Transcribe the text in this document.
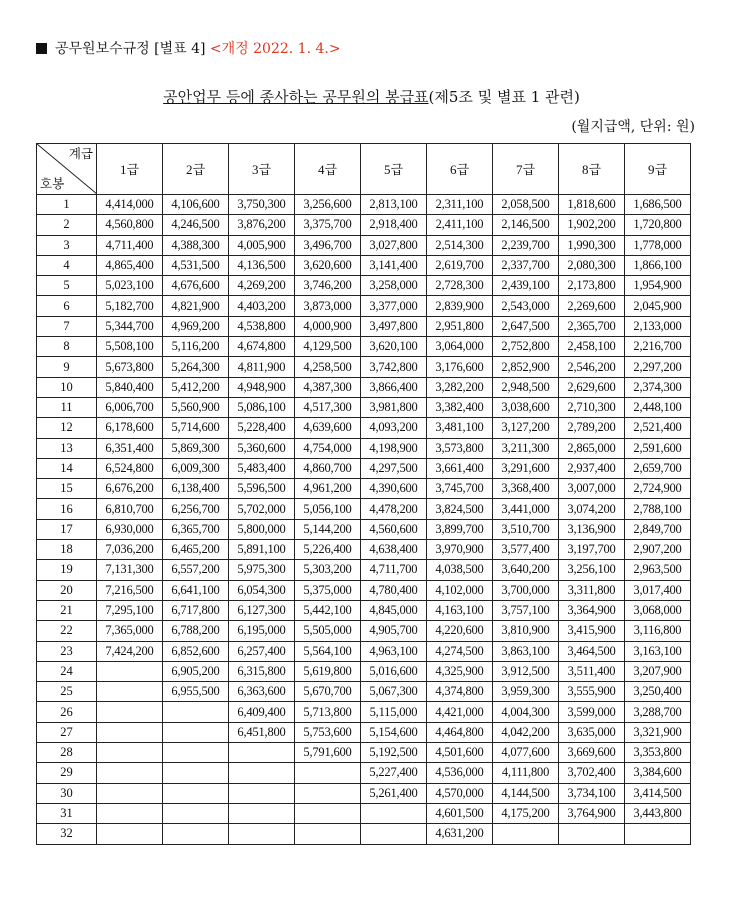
공무원보수규정 [별표 4] <개정 2022. 1. 4.>
공안업무 등에 종사하는 공무원의 봉급표(제5조 및 별표 1 관련)
(월지급액, 단위: 원)
계급
호봉	1급	2급	3급	4급	5급	6급	7급	8급	9급
1	4,414,000	4,106,600	3,750,300	3,256,600	2,813,100	2,311,100	2,058,500	1,818,600	1,686,500
2	4,560,800	4,246,500	3,876,200	3,375,700	2,918,400	2,411,100	2,146,500	1,902,200	1,720,800
3	4,711,400	4,388,300	4,005,900	3,496,700	3,027,800	2,514,300	2,239,700	1,990,300	1,778,000
4	4,865,400	4,531,500	4,136,500	3,620,600	3,141,400	2,619,700	2,337,700	2,080,300	1,866,100
5	5,023,100	4,676,600	4,269,200	3,746,200	3,258,000	2,728,300	2,439,100	2,173,800	1,954,900
6	5,182,700	4,821,900	4,403,200	3,873,000	3,377,000	2,839,900	2,543,000	2,269,600	2,045,900
7	5,344,700	4,969,200	4,538,800	4,000,900	3,497,800	2,951,800	2,647,500	2,365,700	2,133,000
8	5,508,100	5,116,200	4,674,800	4,129,500	3,620,100	3,064,000	2,752,800	2,458,100	2,216,700
9	5,673,800	5,264,300	4,811,900	4,258,500	3,742,800	3,176,600	2,852,900	2,546,200	2,297,200
10	5,840,400	5,412,200	4,948,900	4,387,300	3,866,400	3,282,200	2,948,500	2,629,600	2,374,300
11	6,006,700	5,560,900	5,086,100	4,517,300	3,981,800	3,382,400	3,038,600	2,710,300	2,448,100
12	6,178,600	5,714,600	5,228,400	4,639,600	4,093,200	3,481,100	3,127,200	2,789,200	2,521,400
13	6,351,400	5,869,300	5,360,600	4,754,000	4,198,900	3,573,800	3,211,300	2,865,000	2,591,600
14	6,524,800	6,009,300	5,483,400	4,860,700	4,297,500	3,661,400	3,291,600	2,937,400	2,659,700
15	6,676,200	6,138,400	5,596,500	4,961,200	4,390,600	3,745,700	3,368,400	3,007,000	2,724,900
16	6,810,700	6,256,700	5,702,000	5,056,100	4,478,200	3,824,500	3,441,000	3,074,200	2,788,100
17	6,930,000	6,365,700	5,800,000	5,144,200	4,560,600	3,899,700	3,510,700	3,136,900	2,849,700
18	7,036,200	6,465,200	5,891,100	5,226,400	4,638,400	3,970,900	3,577,400	3,197,700	2,907,200
19	7,131,300	6,557,200	5,975,300	5,303,200	4,711,700	4,038,500	3,640,200	3,256,100	2,963,500
20	7,216,500	6,641,100	6,054,300	5,375,000	4,780,400	4,102,000	3,700,000	3,311,800	3,017,400
21	7,295,100	6,717,800	6,127,300	5,442,100	4,845,000	4,163,100	3,757,100	3,364,900	3,068,000
22	7,365,000	6,788,200	6,195,000	5,505,000	4,905,700	4,220,600	3,810,900	3,415,900	3,116,800
23	7,424,200	6,852,600	6,257,400	5,564,100	4,963,100	4,274,500	3,863,100	3,464,500	3,163,100
24		6,905,200	6,315,800	5,619,800	5,016,600	4,325,900	3,912,500	3,511,400	3,207,900
25		6,955,500	6,363,600	5,670,700	5,067,300	4,374,800	3,959,300	3,555,900	3,250,400
26			6,409,400	5,713,800	5,115,000	4,421,000	4,004,300	3,599,000	3,288,700
27			6,451,800	5,753,600	5,154,600	4,464,800	4,042,200	3,635,000	3,321,900
28				5,791,600	5,192,500	4,501,600	4,077,600	3,669,600	3,353,800
29					5,227,400	4,536,000	4,111,800	3,702,400	3,384,600
30					5,261,400	4,570,000	4,144,500	3,734,100	3,414,500
31						4,601,500	4,175,200	3,764,900	3,443,800
32						4,631,200			
